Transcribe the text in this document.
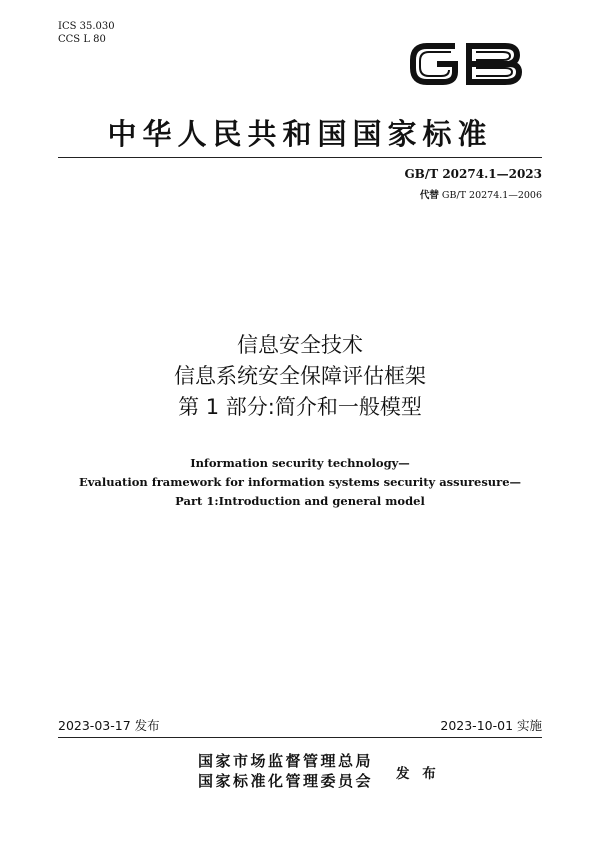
ICS 35.030
CCS L 80
中华人民共和国国家标准
GB/T 20274.1—2023
代替 GB/T 20274.1—2006
信息安全技术
信息系统安全保障评估框架
第 1 部分:简介和一般模型
Information security technology—
Evaluation framework for information systems security assuresure—
Part 1:Introduction and general model
2023-03-17 发布	2023-10-01 实施
国家市场监督管理总局
国家标准化管理委员会 发 布
